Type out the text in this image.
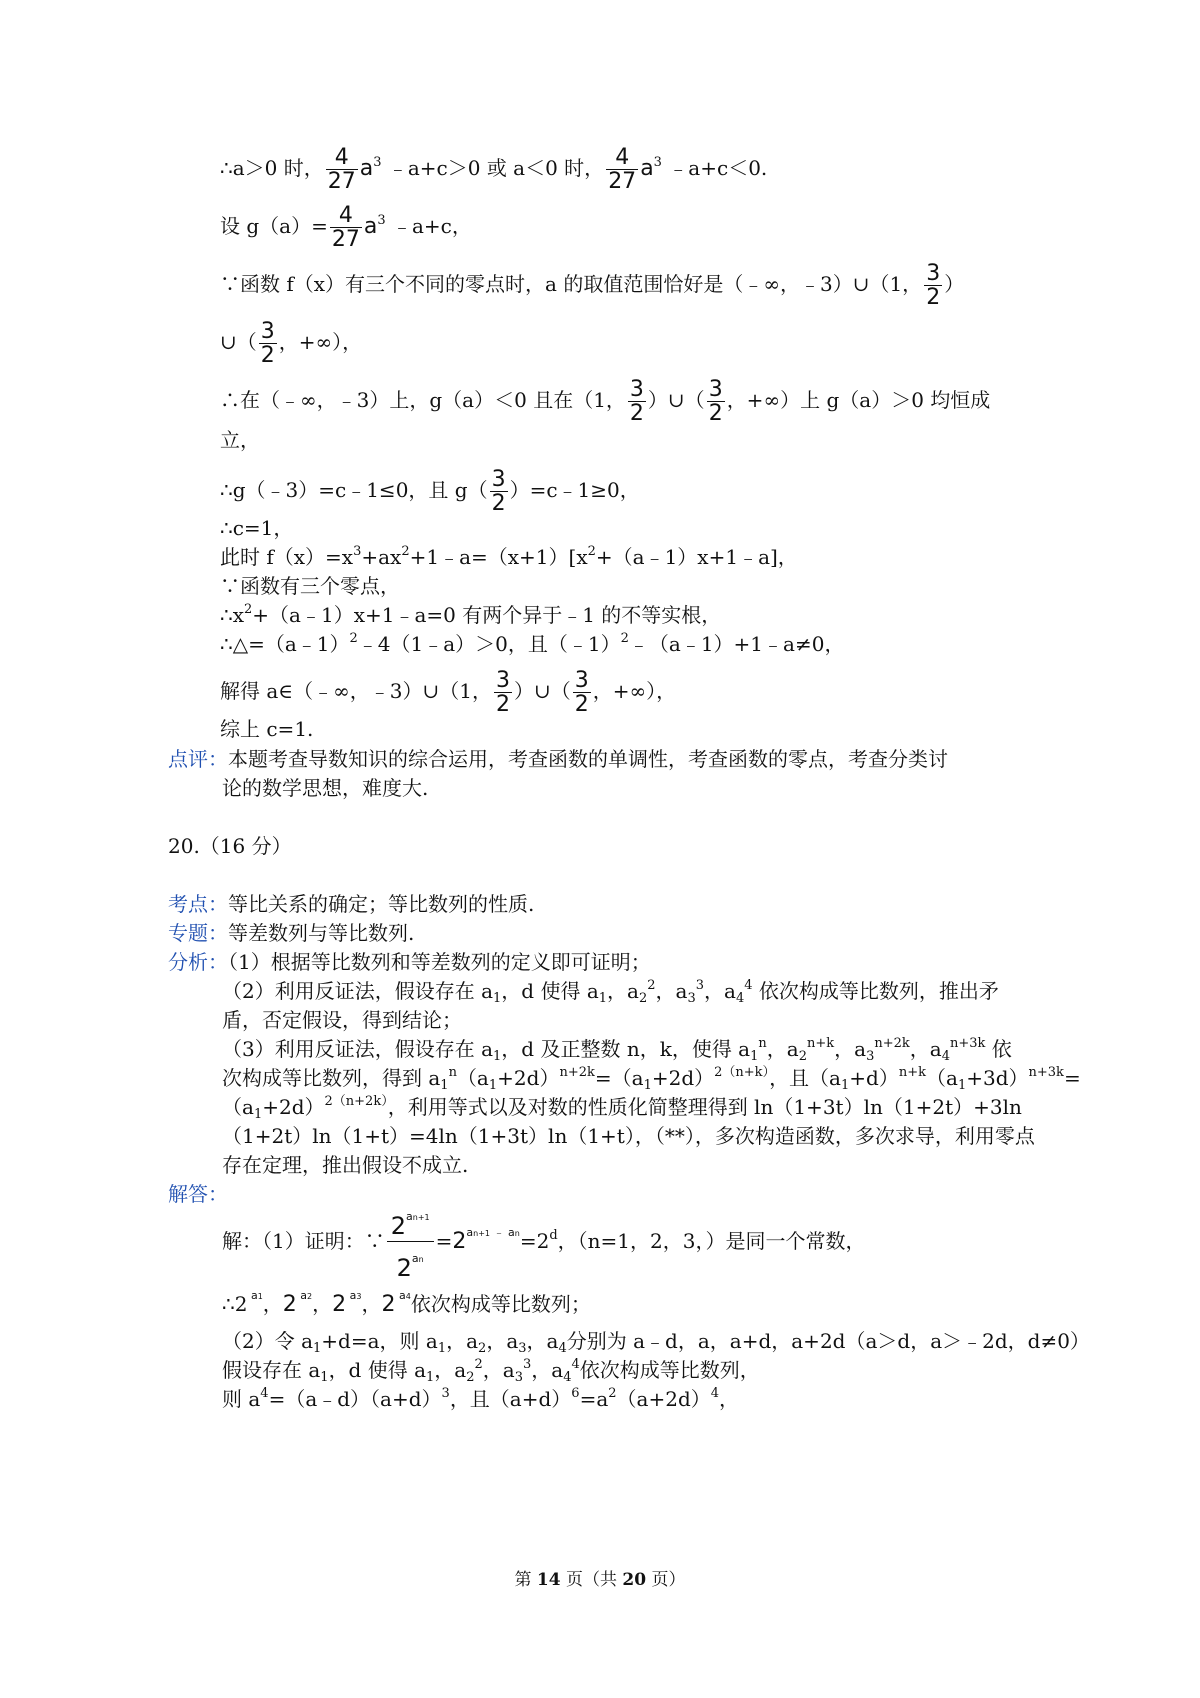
∴a＞0 时， $\frac{4}{27} a^3$ ﹣a+c＞0 或 a＜0 时， $\frac{4}{27} a^3$ ﹣a+c＜0.
设 $g(a)= \frac{4}{27} a^3$ ﹣a+c，
∵函数 f（x）有三个不同的零点时，a 的取值范围恰好是（﹣∞，﹣3）∪（1， $\frac{3}{2}$ ）
∪（ $\frac{3}{2}$ ，+∞），
∴在（﹣∞，﹣3）上，g（a）＜0 且在（1， $\frac{3}{2}$ ）∪（ $\frac{3}{2}$ ，+∞）上 g（a）＞0 均恒成
立，
∴g（﹣3）=c﹣1≤0，且 $g( \frac{3}{2}$ ）=c﹣1≥0，
∴c=1，
此时 $f(x)=x^3+ax^2+1﹣a=(x+1)[x^2+(a﹣1)x+1﹣a]$，
∵函数有三个零点，
$\therefore x^2+(a﹣1)x+1﹣a=0$ 有两个异于﹣1 的不等实根，
∴△=（a﹣1）$^2$﹣4（1﹣a）＞0，且（﹣1）$^2$﹣（a﹣1）+1﹣a≠0，
解得 a∈（﹣∞，﹣3）∪（1， $\frac{3}{2}$ ）∪（ $\frac{3}{2}$ ，+∞），
综上 c=1.
点评：本题考查导数知识的综合运用，考查函数的单调性，考查函数的零点，考查分类讨
论的数学思想，难度大.
20.（16 分）
考点：等比关系的确定；等比数列的性质.
专题：等差数列与等比数列.
分析：（1）根据等比数列和等差数列的定义即可证明；
（2）利用反证法，假设存在 $a_1$，d 使得 $a_1$，$a_2^2$，$a_3^3$，$a_4^4$ 依次构成等比数列，推出矛
盾，否定假设，得到结论；
（3）利用反证法，假设存在 $a_1$，d 及正整数 n，k，使得 $a_1^n$，$a_2^{n+k}$，$a_3^{n+2k}$，$a_4^{n+3k}$ 依
次构成等比数列，得到 $a_1^n(a_1+2d)^{n+2k}=(a_1+2d)^{2(n+k)}$，且$(a_1+d)^{n+k}(a_1+3d)^{n+3k}=$
$(a_1+2d)^{2(n+2k)}$，利用等式以及对数的性质化简整理得到 ln（1+3t）ln（1+2t）+3ln
（1+2t）ln（1+t）=4ln（1+3t）ln（1+t），（**），多次构造函数，多次求导，利用零点
存在定理，推出假设不成立.
解答：
解：（1）证明：∵ $\frac{2^{an+1}}{2^{an}} =2^{an+1 ﹣ an}=2^d$，（n=1，2，3，）是同一个常数，
∴2 $^{a1}$，2 $^{a2}$，2 $^{a3}$，2 $^{a4}$依次构成等比数列；
（2）令 $a_1+d=a$，则 $a_1$，$a_2$，$a_3$，$a_4$分别为 a﹣d，a，a+d，a+2d（a＞d，a＞﹣2d，d≠0）
假设存在 $a_1$，d 使得 $a_1$，$a_2^2$，$a_3^3$，$a_4^4$依次构成等比数列，
则 $a^4=(a﹣d)(a+d)^3$，且$(a+d)^6=a^2(a+2d)^4$，
第 14 页（共 20 页）
